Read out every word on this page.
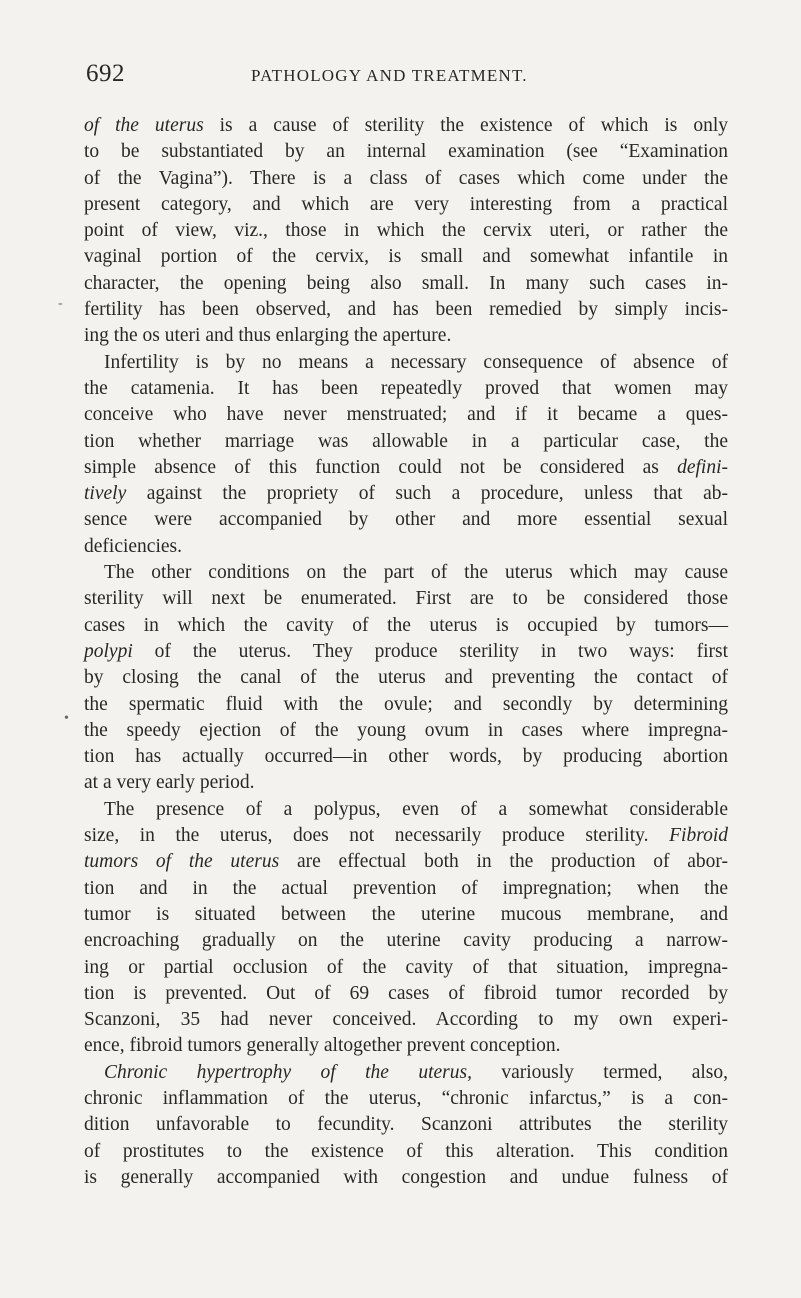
692	PATHOLOGY AND TREATMENT.
-
•
of the uterus is a cause of sterility the existence of which is only
to be substantiated by an internal examination (see “Examination
of the Vagina”). There is a class of cases which come under the
present category, and which are very interesting from a practical
point of view, viz., those in which the cervix uteri, or rather the
vaginal portion of the cervix, is small and somewhat infantile in
character, the opening being also small. In many such cases in-
fertility has been observed, and has been remedied by simply incis-
ing the os uteri and thus enlarging the aperture.
Infertility is by no means a necessary consequence of absence of
the catamenia. It has been repeatedly proved that women may
conceive who have never menstruated; and if it became a ques-
tion whether marriage was allowable in a particular case, the
simple absence of this function could not be considered as defini-
tively against the propriety of such a procedure, unless that ab-
sence were accompanied by other and more essential sexual
deficiencies.
The other conditions on the part of the uterus which may cause
sterility will next be enumerated. First are to be considered those
cases in which the cavity of the uterus is occupied by tumors—
polypi of the uterus. They produce sterility in two ways: first
by closing the canal of the uterus and preventing the contact of
the spermatic fluid with the ovule; and secondly by determining
the speedy ejection of the young ovum in cases where impregna-
tion has actually occurred—in other words, by producing abortion
at a very early period.
The presence of a polypus, even of a somewhat considerable
size, in the uterus, does not necessarily produce sterility. Fibroid
tumors of the uterus are effectual both in the production of abor-
tion and in the actual prevention of impregnation; when the
tumor is situated between the uterine mucous membrane, and
encroaching gradually on the uterine cavity producing a narrow-
ing or partial occlusion of the cavity of that situation, impregna-
tion is prevented. Out of 69 cases of fibroid tumor recorded by
Scanzoni, 35 had never conceived. According to my own experi-
ence, fibroid tumors generally altogether prevent conception.
Chronic hypertrophy of the uterus, variously termed, also,
chronic inflammation of the uterus, “chronic infarctus,” is a con-
dition unfavorable to fecundity. Scanzoni attributes the sterility
of prostitutes to the existence of this alteration. This condition
is generally accompanied with congestion and undue fulness of
